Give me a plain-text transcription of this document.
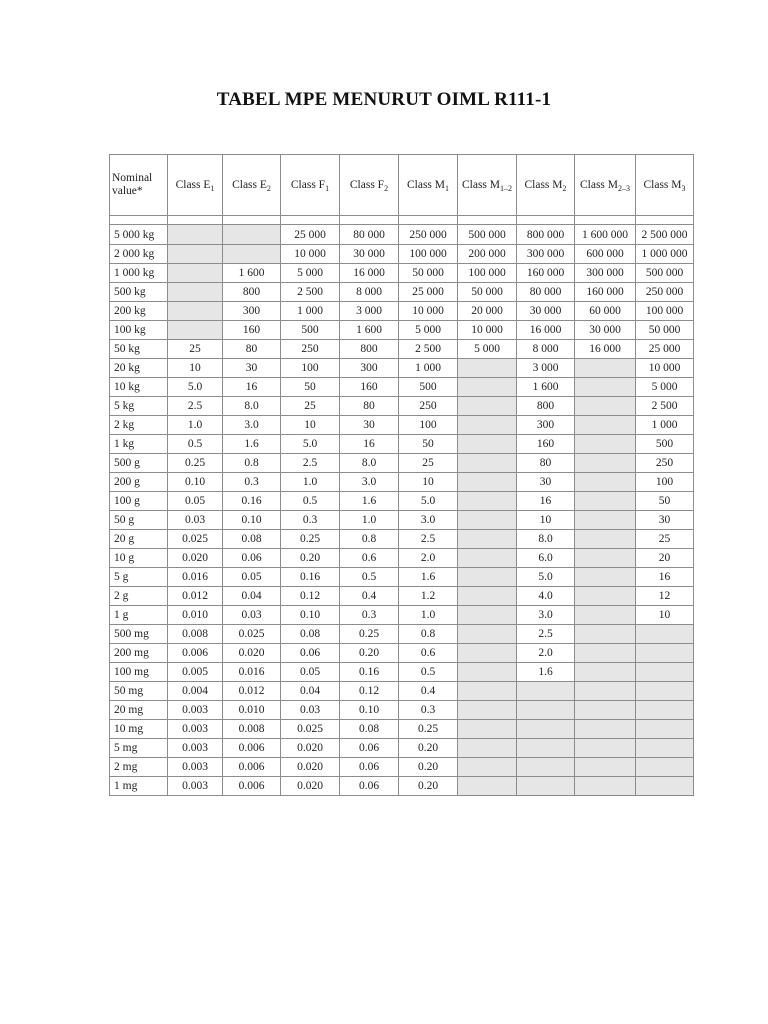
TABEL MPE MENURUT OIML R111-1
Nominal
value*	Class $E_1$	Class $E_2$	Class $F_1$	Class $F_2$	Class $M_1$	Class $M_{1-2}$	Class $M_2$	Class $M_{2-3}$	Class $M_3$

5 000 kg			25 000	80 000	250 000	500 000	800 000	1 600 000	2 500 000
2 000 kg			10 000	30 000	100 000	200 000	300 000	600 000	1 000 000
1 000 kg		1 600	5 000	16 000	50 000	100 000	160 000	300 000	500 000
500 kg		800	2 500	8 000	25 000	50 000	80 000	160 000	250 000
200 kg		300	1 000	3 000	10 000	20 000	30 000	60 000	100 000
100 kg		160	500	1 600	5 000	10 000	16 000	30 000	50 000
50 kg	25	80	250	800	2 500	5 000	8 000	16 000	25 000
20 kg	10	30	100	300	1 000		3 000		10 000
10 kg	5.0	16	50	160	500		1 600		5 000
5 kg	2.5	8.0	25	80	250		800		2 500
2 kg	1.0	3.0	10	30	100		300		1 000
1 kg	0.5	1.6	5.0	16	50		160		500
500 g	0.25	0.8	2.5	8.0	25		80		250
200 g	0.10	0.3	1.0	3.0	10		30		100
100 g	0.05	0.16	0.5	1.6	5.0		16		50
50 g	0.03	0.10	0.3	1.0	3.0		10		30
20 g	0.025	0.08	0.25	0.8	2.5		8.0		25
10 g	0.020	0.06	0.20	0.6	2.0		6.0		20
5 g	0.016	0.05	0.16	0.5	1.6		5.0		16
2 g	0.012	0.04	0.12	0.4	1.2		4.0		12
1 g	0.010	0.03	0.10	0.3	1.0		3.0		10
500 mg	0.008	0.025	0.08	0.25	0.8		2.5		
200 mg	0.006	0.020	0.06	0.20	0.6		2.0		
100 mg	0.005	0.016	0.05	0.16	0.5		1.6		
50 mg	0.004	0.012	0.04	0.12	0.4				
20 mg	0.003	0.010	0.03	0.10	0.3				
10 mg	0.003	0.008	0.025	0.08	0.25				
5 mg	0.003	0.006	0.020	0.06	0.20				
2 mg	0.003	0.006	0.020	0.06	0.20				
1 mg	0.003	0.006	0.020	0.06	0.20				
